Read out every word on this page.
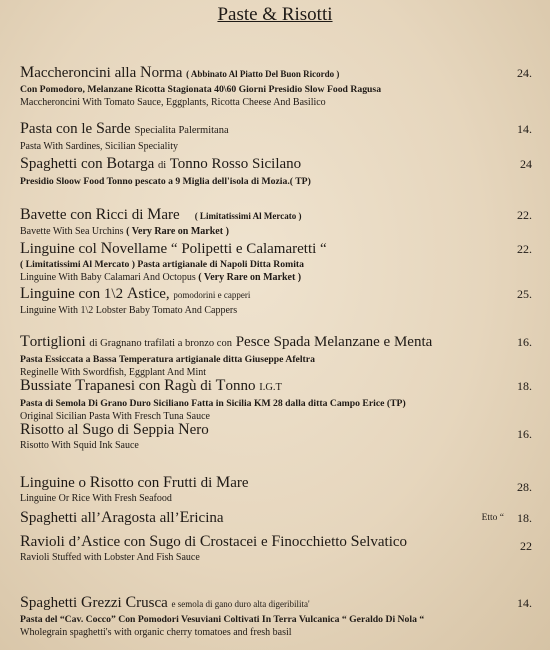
Paste & Risotti
Maccheroncini alla Norma ( Abbinato Al Piatto Del Buon Ricordo )	24.
Con Pomodoro, Melanzane Ricotta Stagionata 40\60 Giorni Presidio Slow Food Ragusa
Maccheroncini With Tomato Sauce, Eggplants, Ricotta Cheese And Basilico
Pasta con le Sarde Specialita Palermitana	14.
Pasta With Sardines, Sicilian Speciality
Spaghetti con Botarga di Tonno Rosso Sicilano	24
Presidio Sloow Food Tonno pescato a 9 Miglia dell'isola di Mozia.( TP)
Bavette con Ricci di Mare ( Limitatissimi Al Mercato )	22.
Bavette With Sea Urchins ( Very Rare on Market )
Linguine col Novellame “ Polipetti e Calamaretti “	22.
( Limitatissimi Al Mercato ) Pasta artigianale di Napoli Ditta Romita
Linguine With Baby Calamari And Octopus ( Very Rare on Market )
Linguine con 1\2 Astice, pomodorini e capperi	25.
Linguine With 1\2 Lobster Baby Tomato And Cappers
Tortiglioni di Gragnano trafilati a bronzo con Pesce Spada Melanzane e Menta	16.
Pasta Essiccata a Bassa Temperatura artigianale ditta Giuseppe Afeltra
Reginelle With Swordfish, Eggplant And Mint
Bussiate Trapanesi con Ragù di Tonno I.G.T	18.
Pasta di Semola Di Grano Duro Siciliano Fatta in Sicilia KM 28 dalla ditta Campo Erice (TP)
Original Sicilian Pasta With Fresch Tuna Sauce
Risotto al Sugo di Seppia Nero	16.
Risotto With Squid Ink Sauce
Linguine o Risotto con Frutti di Mare	28.
Linguine Or Rice With Fresh Seafood
Spaghetti all’Aragosta all’Ericina	Etto “ 18.
Ravioli d’Astice con Sugo di Crostacei e Finocchietto Selvatico	22
Ravioli Stuffed with Lobster And Fish Sauce
Spaghetti Grezzi Crusca e semola di gano duro alta digeribilita'	14.
Pasta del “Cav. Cocco” Con Pomodori Vesuviani Coltivati In Terra Vulcanica “ Geraldo Di Nola “
Wholegrain spaghetti's with organic cherry tomatoes and fresh basil
